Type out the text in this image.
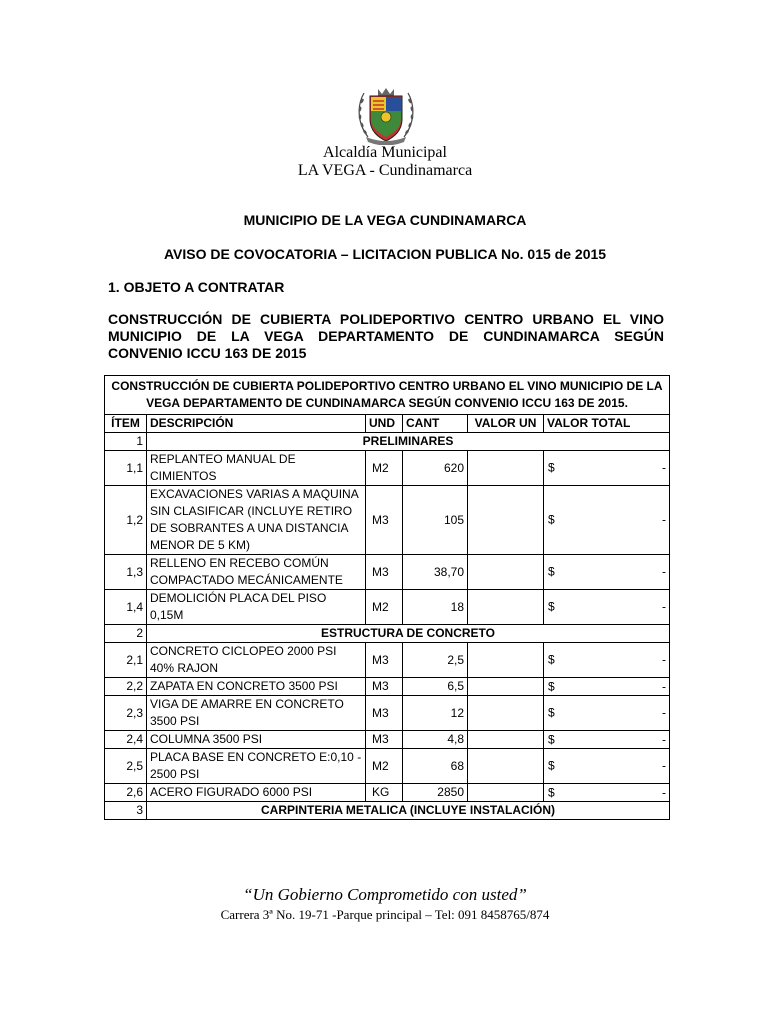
Alcaldía Municipal
LA VEGA - Cundinamarca
MUNICIPIO DE LA VEGA CUNDINAMARCA
AVISO DE COVOCATORIA – LICITACION PUBLICA No. 015 de 2015
1. OBJETO A CONTRATAR
CONSTRUCCIÓN DE CUBIERTA POLIDEPORTIVO CENTRO URBANO EL VINO MUNICIPIO DE LA VEGA DEPARTAMENTO DE CUNDINAMARCA SEGÚN CONVENIO ICCU 163 DE 2015
CONSTRUCCIÓN DE CUBIERTA POLIDEPORTIVO CENTRO URBANO EL VINO MUNICIPIO DE LA VEGA DEPARTAMENTO DE CUNDINAMARCA SEGÚN CONVENIO ICCU 163 DE 2015.					
ÍTEM	DESCRIPCIÓN	UND	CANT	VALOR UN	VALOR TOTAL
1	PRELIMINARES				
1,1	REPLANTEO MANUAL DE CIMIENTOS	M2	620		$ -

1,2	EXCAVACIONES VARIAS A MAQUINA SIN CLASIFICAR (INCLUYE RETIRO DE SOBRANTES A UNA DISTANCIA MENOR DE 5 KM)	M3	105		$ -

1,3	RELLENO EN RECEBO COMÚN COMPACTADO MECÁNICAMENTE	M3	38,70		$ -

1,4	DEMOLICIÓN PLACA DEL PISO 0,15M	M2	18		$ -

2	ESTRUCTURA DE CONCRETO				
2,1	CONCRETO CICLOPEO 2000 PSI 40% RAJON	M3	2,5		$ -

2,2	ZAPATA EN CONCRETO 3500 PSI	M3	6,5		$ -

2,3	VIGA DE AMARRE EN CONCRETO 3500 PSI	M3	12		$ -

2,4	COLUMNA 3500 PSI	M3	4,8		$ -

2,5	PLACA BASE EN CONCRETO E:0,10 - 2500 PSI	M2	68		$ -

2,6	ACERO FIGURADO 6000 PSI	KG	2850		$ -

3	CARPINTERIA METALICA (INCLUYE INSTALACIÓN)				
“Un Gobierno Comprometido con usted”
Carrera 3ª No. 19-71 -Parque principal – Tel: 091 8458765/874
